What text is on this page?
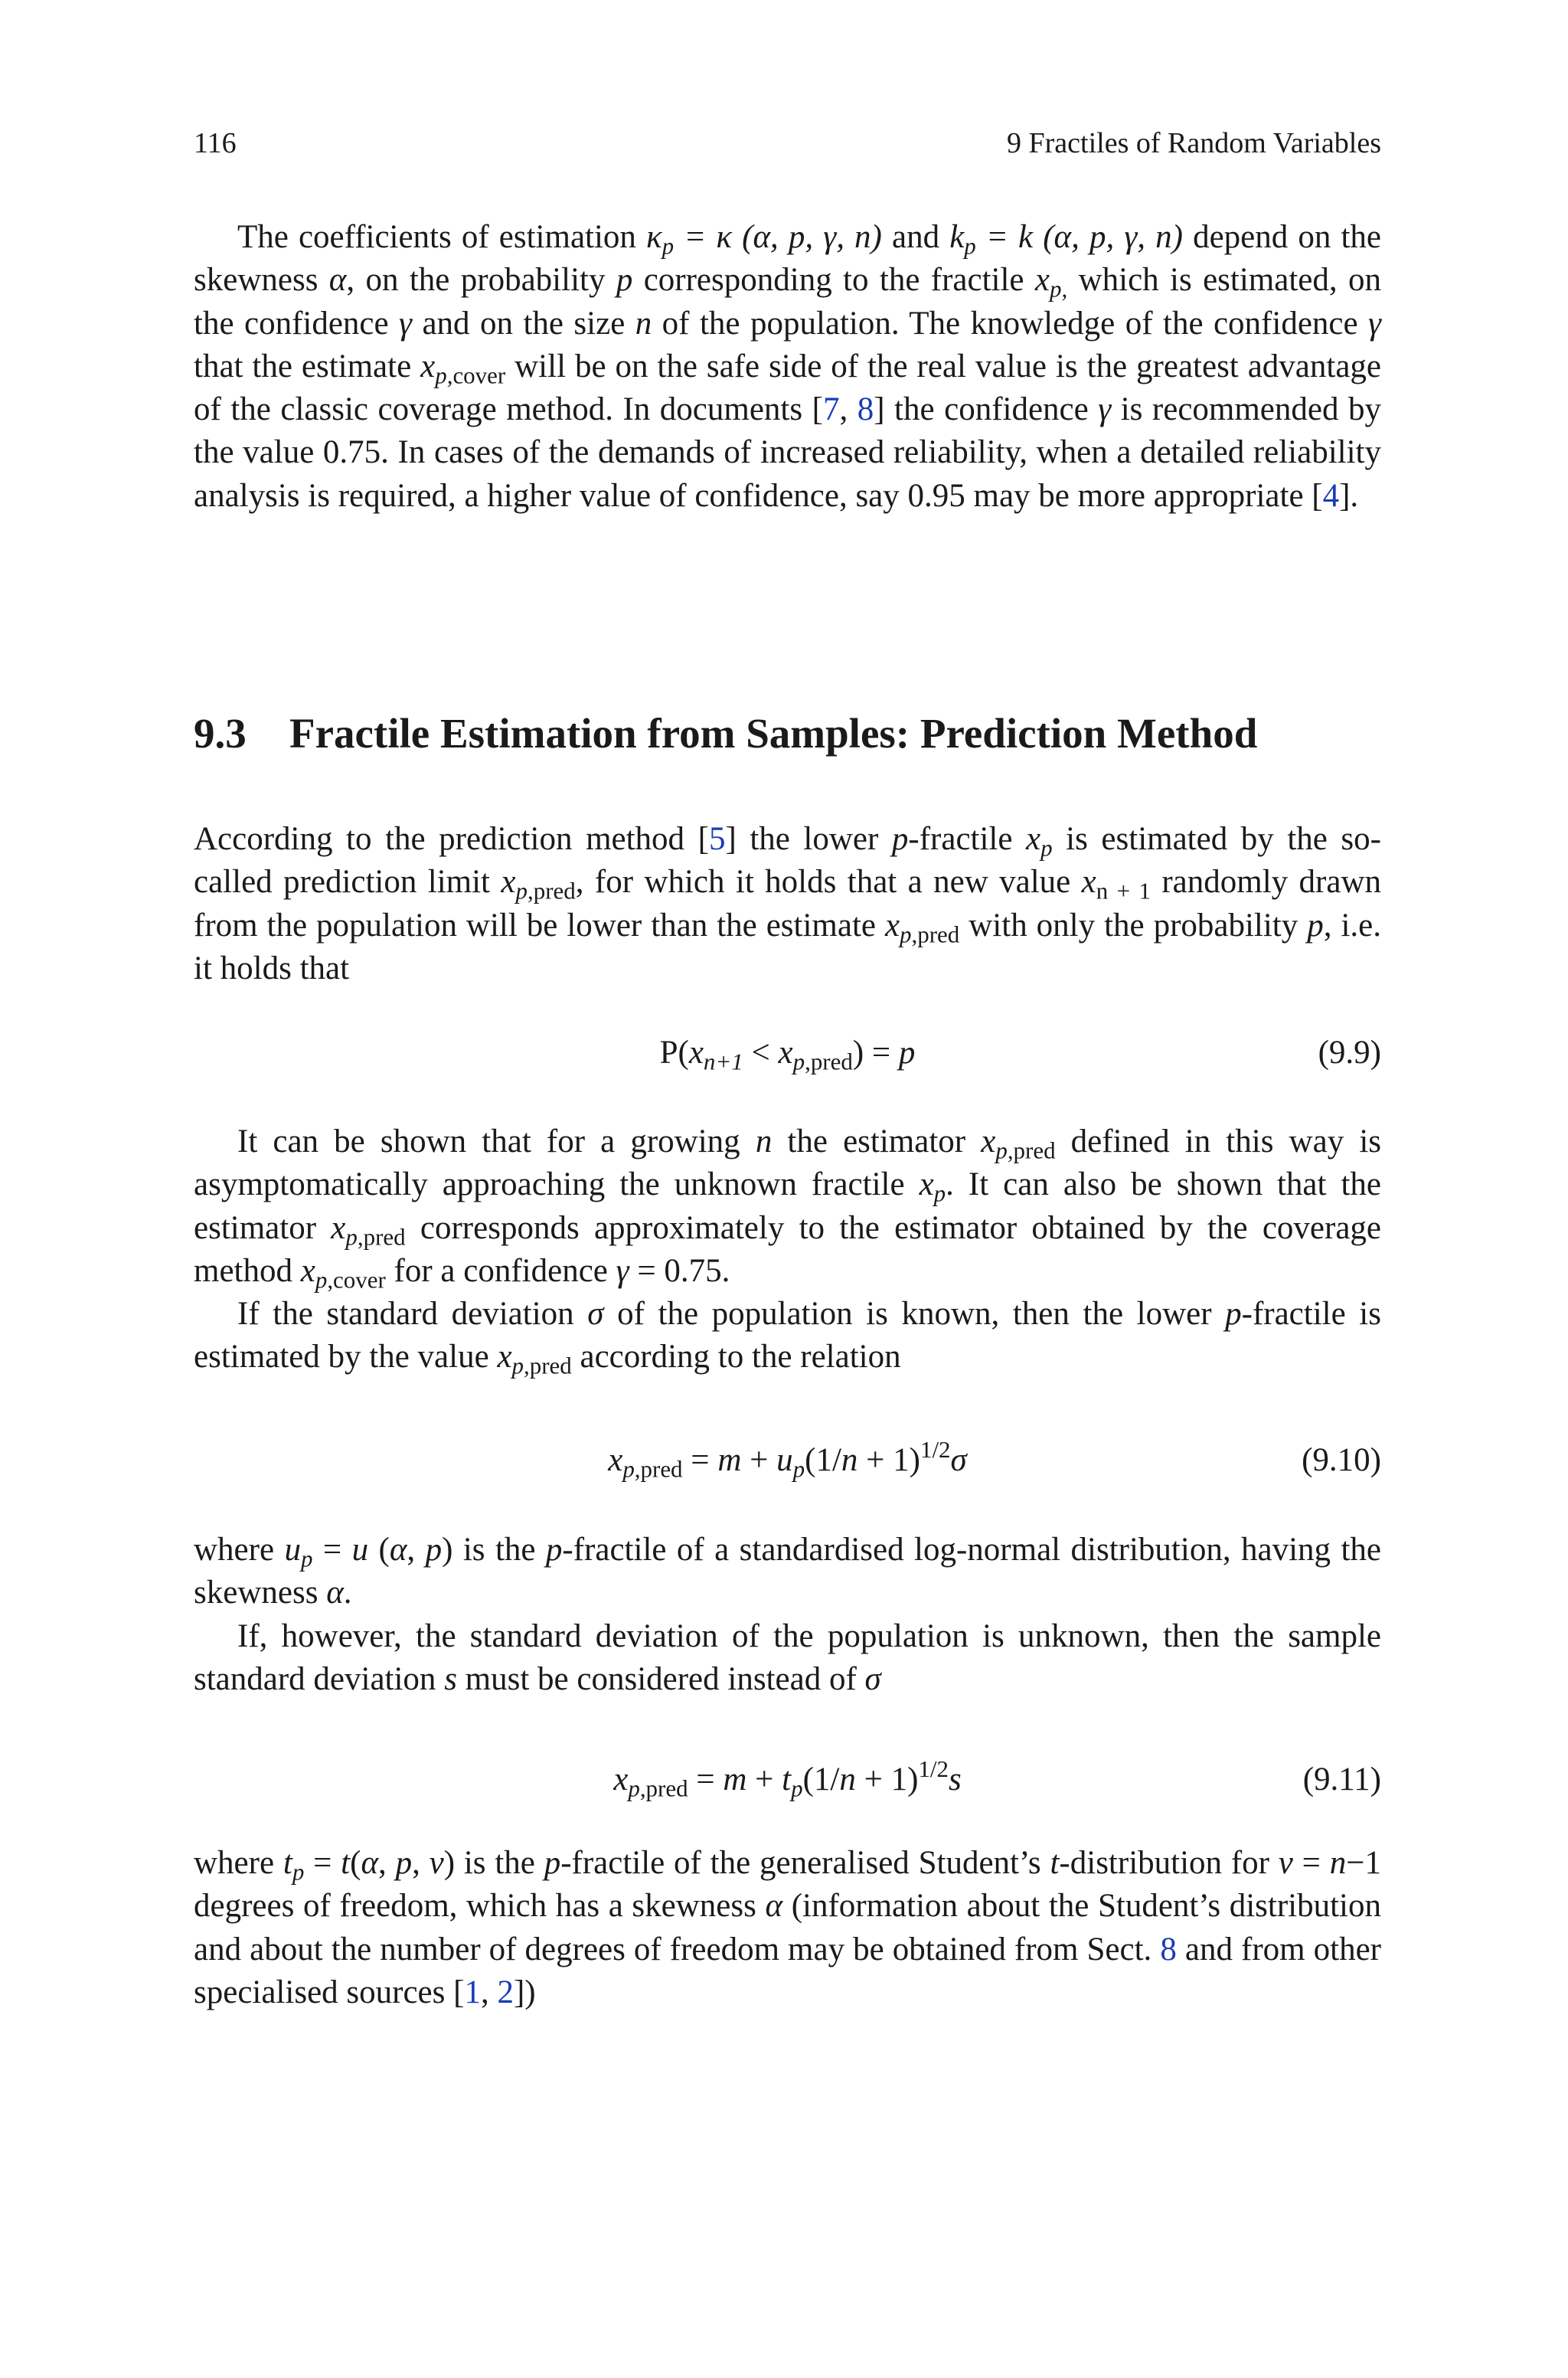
116	9 Fractiles of Random Variables

The coefficients of estimation $\kappa_p = \kappa$ (α, p, γ, n) and $k_p = k$ (α, p, γ, n) depend on the skewness α, on the probability p corresponding to the fractile $x_{p,}$ which is estimated, on the confidence γ and on the size n of the population. The knowledge of the confidence γ that the estimate $x_{p,cover}$ will be on the safe side of the real value is the greatest advantage of the classic coverage method. In documents [7, 8] the confidence γ is recommended by the value 0.75. In cases of the demands of increased reliability, when a detailed reliability analysis is required, a higher value of confidence, say 0.95 may be more appropriate [4].

9.3 Fractile Estimation from Samples: Prediction Method

According to the prediction method [5] the lower p-fractile $x_p$ is estimated by the so-called prediction limit $x_{p,pred}$, for which it holds that a new value $x_{n + 1}$ randomly drawn from the population will be lower than the estimate $x_{p,pred}$ with only the probability p, i.e. it holds that

$P(x_{n+1} < x_{p,pred}) = p$	(9.9)

It can be shown that for a growing n the estimator $x_{p,pred}$ defined in this way is asymptomatically approaching the unknown fractile $x_p$. It can also be shown that the estimator $x_{p,pred}$ corresponds approximately to the estimator obtained by the coverage method $x_{p,cover}$ for a confidence γ = 0.75.

If the standard deviation σ of the population is known, then the lower p-fractile is estimated by the value $x_{p,pred}$ according to the relation

$x_{p,pred} = m + u_p(1/n + 1)^{1/2}\sigma$	(9.10)

where $u_p = u$ (α, p) is the p-fractile of a standardised log-normal distribution, having the skewness α.

If, however, the standard deviation of the population is unknown, then the sample standard deviation s must be considered instead of σ

$x_{p,pred} = m + t_p(1/n + 1)^{1/2}s$	(9.11)

where $t_p = t(\alpha$, p, ν) is the p-fractile of the generalised Student’s t-distribution for ν = n−1 degrees of freedom, which has a skewness α (information about the Student’s distribution and about the number of degrees of freedom may be obtained from Sect. 8 and from other specialised sources [1, 2])
